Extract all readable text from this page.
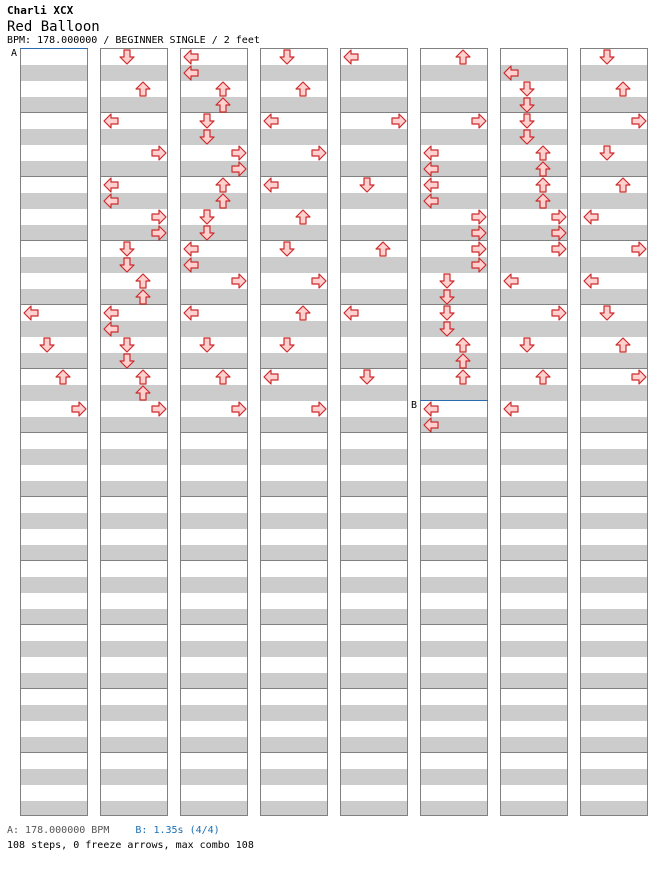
Charli XCX
Red Balloon
BPM: 178.000000 / BEGINNER SINGLE / 2 feet
A
B
A: 178.000000 BPM	B: 1.35s (4/4)
108 steps, 0 freeze arrows, max combo 108
